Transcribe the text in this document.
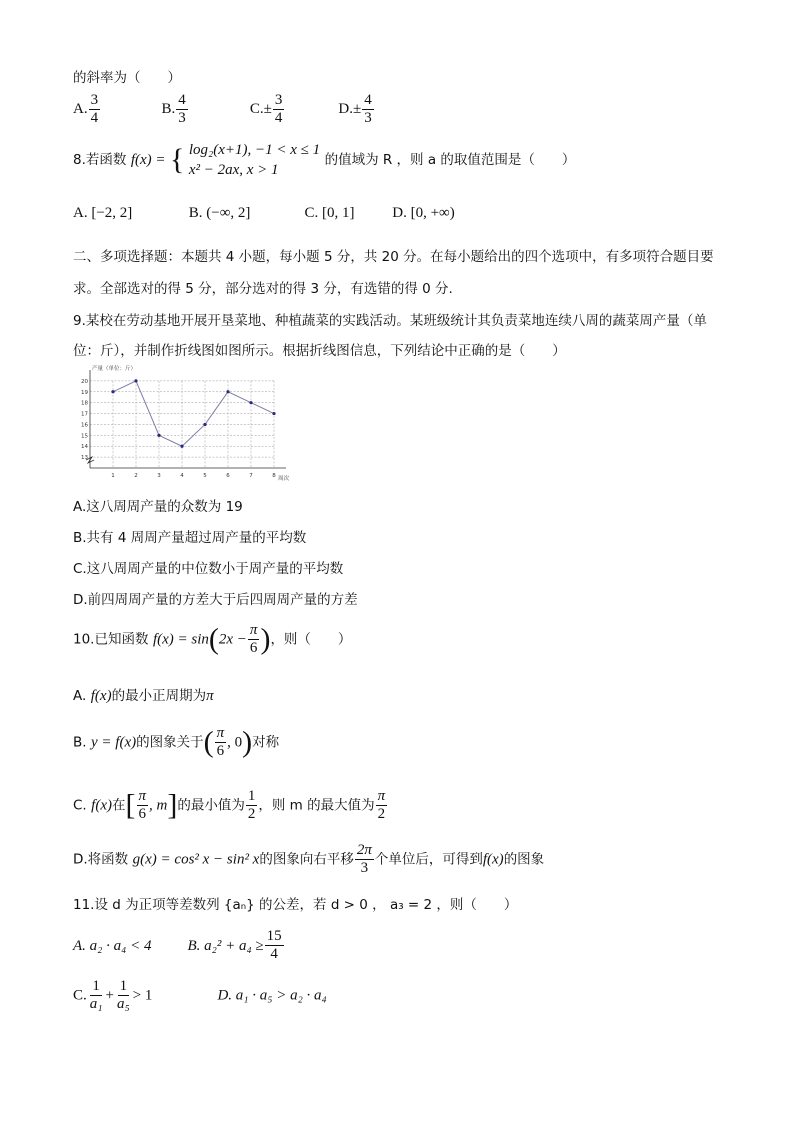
的斜率为（　　）
A. $\frac{3}{4}$	B. $\frac{4}{3}$	$C.\pm \frac{3}{4}$	$D.\pm \frac{4}{3}$
8.若函数 f(x) = { log₂(x+1), −1 < x ≤ 1
x² − 2ax, x > 1
的值域为 R ，则 a 的取值范围是（　　）
A. [−2, 2]	B. (−∞, 2]	C. [0, 1]	D. [0, +∞)
二、多项选择题：本题共 4 小题，每小题 5 分，共 20 分。在每小题给出的四个选项中，有多项符合题目要
求。全部选对的得 5 分，部分选对的得 3 分，有选错的得 0 分.
9.某校在劳动基地开展开垦菜地、种植蔬菜的实践活动。某班级统计其负责菜地连续八周的蔬菜周产量（单
位：斤），并制作折线图如图所示。根据折线图信息，下列结论中正确的是（　　）
产量（单位：斤）
周次
13
14
15
16
17
18
19
20
1	2	3	4	5	6	7	8
A.这八周周产量的众数为 19
B.共有 4 周周产量超过周产量的平均数
C.这八周周产量的中位数小于周产量的平均数
D.前四周周产量的方差大于后四周周产量的方差
10.已知函数 $f(x) = \sin(2x - \frac{\pi}{6}$ )，则（　　）
A. f(x)的最小正周期为π
B. y = f(x)的图象关于( $\frac{\pi}{6}$ , 0)对称
C. f(x)在[ $\frac{\pi}{6}$ , m]的最小值为 $\frac{1}{2}$ ，则 m 的最大值为 $\frac{\pi}{2}$
D.将函数 g(x) = cos² x − sin² x的图象向右平移 $\frac{2\pi}{3}$ 个单位后，可得到f(x)的图象
11.设 d 为正项等差数列 {aₙ} 的公差，若 d > 0 ， a₃ = 2 ，则（　　）
A. a₂ · a₄ < 4 B. $a_2^2 + a_4 \ge \frac{15}{4}$
C. $\frac{1}{\text{a₁}} + \frac{1}{\text{a₅}} > 1$	D. a₁ · a₅ > a₂ · a₄
